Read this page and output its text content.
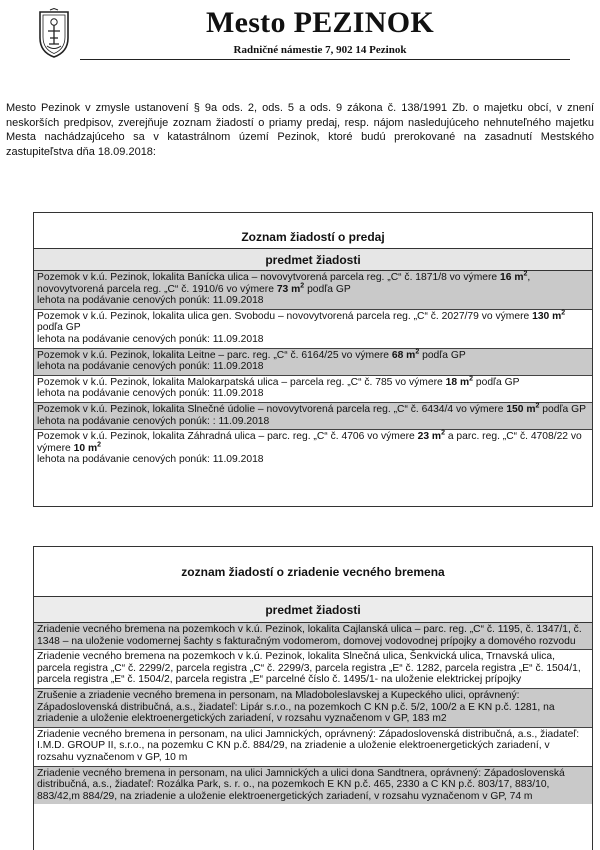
Mesto PEZINOK
Radničné námestie 7, 902 14 Pezinok

Mesto Pezinok v zmysle ustanovení § 9a ods. 2, ods. 5 a ods. 9 zákona č. 138/1991 Zb. o majetku obcí, v znení neskorších predpisov, zverejňuje zoznam žiadostí o priamy predaj, resp. nájom nasledujúceho nehnuteľného majetku Mesta nachádzajúceho sa v katastrálnom území Pezinok, ktoré budú prerokované na zasadnutí Mestského zastupiteľstva dňa 18.09.2018:

Zoznam žiadostí o predaj
predmet žiadosti
Pozemok v k.ú. Pezinok, lokalita Banícka ulica – novovytvorená parcela reg. „C“ č. 1871/8 vo výmere 16 $m^2$, novovytvorená parcela reg. „C“ č. 1910/6 vo výmere 73 $m^2$ podľa GP
lehota na podávanie cenových ponúk: 11.09.2018
Pozemok v k.ú. Pezinok, lokalita ulica gen. Svobodu – novovytvorená parcela reg. „C“ č. 2027/79 vo výmere 130 $m^2$ podľa GP
lehota na podávanie cenových ponúk: 11.09.2018
Pozemok v k.ú. Pezinok, lokalita Leitne – parc. reg. „C“ č. 6164/25 vo výmere 68 $m^2$ podľa GP
lehota na podávanie cenových ponúk: 11.09.2018
Pozemok v k.ú. Pezinok, lokalita Malokarpatská ulica – parcela reg. „C“ č. 785 vo výmere 18 $m^2$ podľa GP
lehota na podávanie cenových ponúk: 11.09.2018
Pozemok v k.ú. Pezinok, lokalita Slnečné údolie – novovytvorená parcela reg. „C“ č. 6434/4 vo výmere 150 $m^2$ podľa GP
lehota na podávanie cenových ponúk: : 11.09.2018
Pozemok v k.ú. Pezinok, lokalita Záhradná ulica – parc. reg. „C“ č. 4706 vo výmere 23 $m^2$ a parc. reg. „C“ č. 4708/22 vo výmere 10 $m^2$
lehota na podávanie cenových ponúk: 11.09.2018
zoznam žiadostí o zriadenie vecného bremena
predmet žiadosti
Zriadenie vecného bremena na pozemkoch v k.ú. Pezinok, lokalita Cajlanská ulica – parc. reg. „C“ č. 1195, č. 1347/1, č. 1348 – na uloženie vodomernej šachty s fakturačným vodomerom, domovej vodovodnej prípojky a domového rozvodu
Zriadenie vecného bremena na pozemkoch v k.ú. Pezinok, lokalita Slnečná ulica, Šenkvická ulica, Trnavská ulica, parcela registra „C“ č. 2299/2, parcela registra „C“ č. 2299/3, parcela registra „E“ č. 1282, parcela registra „E“ č. 1504/1, parcela registra „E“ č. 1504/2, parcela registra „E“ parcelné číslo č. 1495/1- na uloženie elektrickej prípojky
Zrušenie a zriadenie vecného bremena in personam, na Mladoboleslavskej a Kupeckého ulici, oprávnený: Západoslovenská distribučná, a.s., žiadateľ: Lipár s.r.o., na pozemkoch C KN p.č. 5/2, 100/2 a E KN p.č. 1281, na zriadenie a uloženie elektroenergetických zariadení, v rozsahu vyznačenom v GP, 183 m2
Zriadenie vecného bremena in personam, na ulici Jamnických, oprávnený: Západoslovenská distribučná, a.s., žiadateľ: I.M.D. GROUP II, s.r.o., na pozemku C KN p.č. 884/29, na zriadenie a uloženie elektroenergetických zariadení, v rozsahu vyznačenom v GP, 10 m
Zriadenie vecného bremena in personam, na ulici Jamnických a ulici dona Sandtnera, oprávnený: Západoslovenská distribučná, a.s., žiadateľ: Rozálka Park, s. r. o., na pozemkoch E KN p.č. 465, 2330 a C KN p.č. 803/17, 883/10, 883/42,m 884/29, na zriadenie a uloženie elektroenergetických zariadení, v rozsahu vyznačenom v GP, 74 m
